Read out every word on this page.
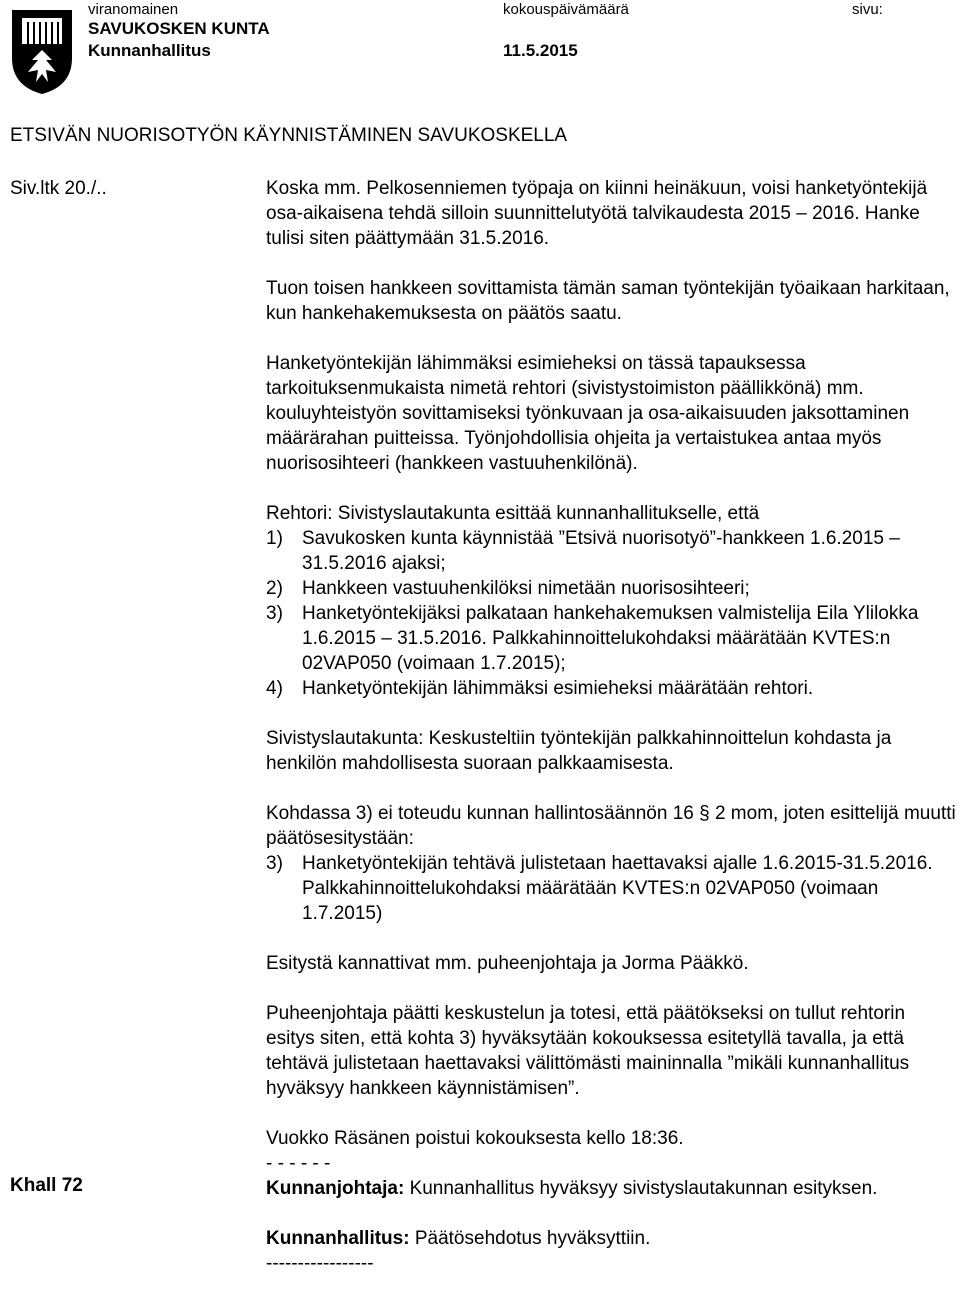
viranomainen	kokouspäivämäärä	sivu:
SAVUKOSKEN KUNTA
Kunnanhallitus	11.5.2015
ETSIVÄN NUORISOTYÖN KÄYNNISTÄMINEN SAVUKOSKELLA
Siv.ltk 20./..	Koska mm. Pelkosenniemen työpaja on kiinni heinäkuun, voisi hanketyöntekijä osa-aikaisena tehdä silloin suunnittelutyötä talvikaudesta 2015 – 2016. Hanke tulisi siten päättymään 31.5.2016.

Tuon toisen hankkeen sovittamista tämän saman työntekijän työaikaan harkitaan, kun hankehakemuksesta on päätös saatu.

Hanketyöntekijän lähimmäksi esimieheksi on tässä tapauksessa tarkoituksenmukaista nimetä rehtori (sivistystoimiston päällikkönä) mm. kouluyhteistyön sovittamiseksi työnkuvaan ja osa-aikaisuuden jaksottaminen määrärahan puitteissa. Työnjohdollisia ohjeita ja vertaistukea antaa myös nuorisosihteeri (hankkeen vastuuhenkilönä).

Rehtori: Sivistyslautakunta esittää kunnanhallitukselle, että

1)	Savukosken kunta käynnistää ”Etsivä nuorisotyö”-hankkeen 1.6.2015 – 31.5.2016 ajaksi;
2)	Hankkeen vastuuhenkilöksi nimetään nuorisosihteeri;
3)	Hanketyöntekijäksi palkataan hankehakemuksen valmistelija Eila Ylilokka 1.6.2015 – 31.5.2016. Palkkahinnoittelukohdaksi määrätään KVTES:n 02VAP050 (voimaan 1.7.2015);
4)	Hanketyöntekijän lähimmäksi esimieheksi määrätään rehtori.

Sivistyslautakunta: Keskusteltiin työntekijän palkkahinnoittelun kohdasta ja henkilön mahdollisesta suoraan palkkaamisesta.

Kohdassa 3) ei toteudu kunnan hallintosäännön 16 § 2 mom, joten esittelijä muutti päätösesitystään:

3)	Hanketyöntekijän tehtävä julistetaan haettavaksi ajalle 1.6.2015-31.5.2016. Palkkahinnoittelukohdaksi määrätään KVTES:n 02VAP050 (voimaan 1.7.2015)

Esitystä kannattivat mm. puheenjohtaja ja Jorma Pääkkö.

Puheenjohtaja päätti keskustelun ja totesi, että päätökseksi on tullut rehtorin esitys siten, että kohta 3) hyväksytään kokouksessa esitetyllä tavalla, ja että tehtävä julistetaan haettavaksi välittömästi maininnalla ”mikäli kunnanhallitus hyväksyy hankkeen käynnistämisen”.

Vuokko Räsänen poistui kokouksesta kello 18:36.

- - - - - -

Kunnanjohtaja: Kunnanhallitus hyväksyy sivistyslautakunnan esityksen.

Kunnanhallitus: Päätösehdotus hyväksyttiin.

-----------------

Khall 72
